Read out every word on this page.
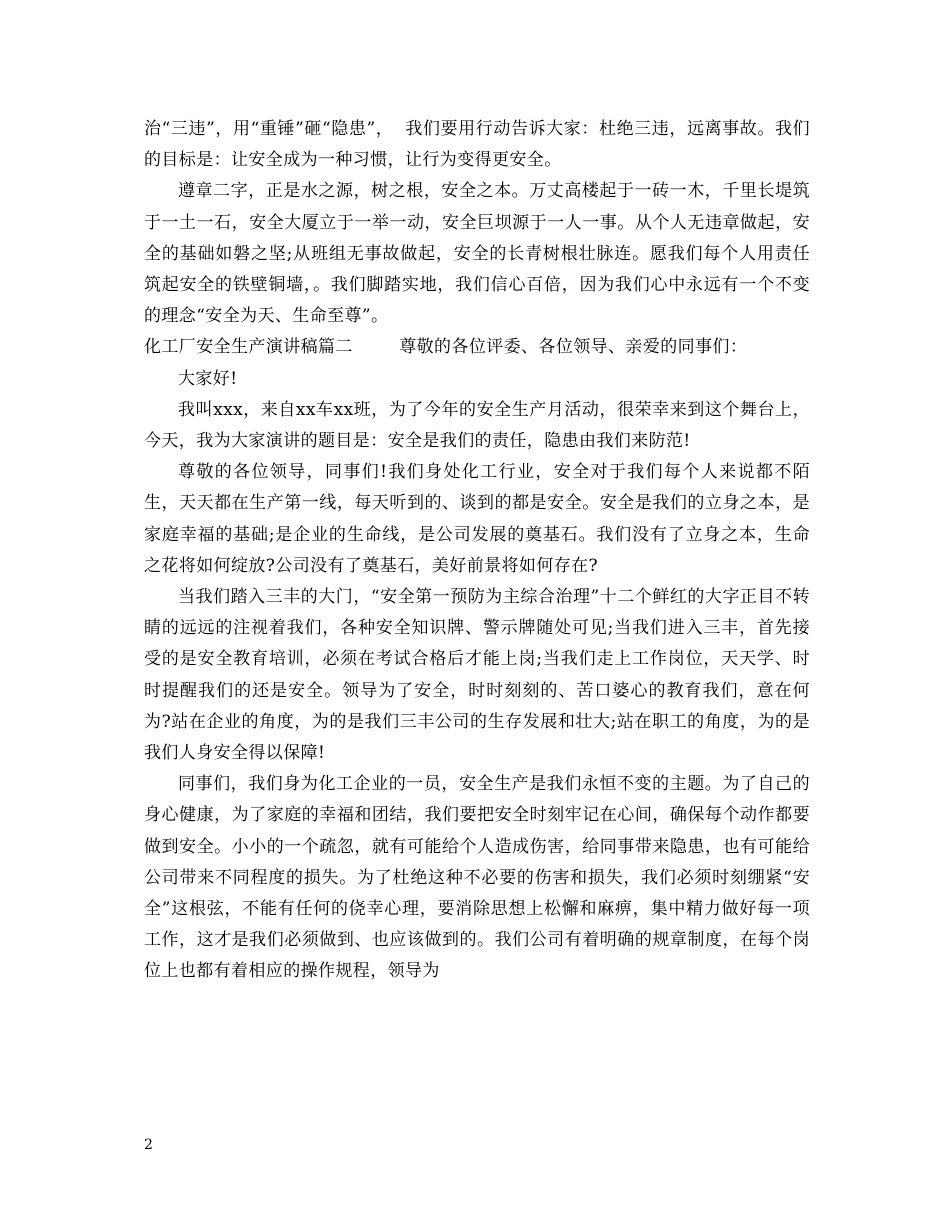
治“三违”，用“重锤”砸“隐患”，  我们要用行动告诉大家：杜绝三违，远离事故。我们的目标是：让安全成为一种习惯，让行为变得更安全。

遵章二字，正是水之源，树之根，安全之本。万丈高楼起于一砖一木，千里长堤筑于一土一石，安全大厦立于一举一动，安全巨坝源于一人一事。从个人无违章做起，安全的基础如磐之坚;从班组无事故做起，安全的长青树根壮脉连。愿我们每个人用责任筑起安全的铁壁铜墙，。我们脚踏实地，我们信心百倍，因为我们心中永远有一个不变的理念“安全为天、生命至尊”。

化工厂安全生产演讲稿篇二        尊敬的各位评委、各位领导、亲爱的同事们：

大家好!

我叫xxx，来自xx车xx班，为了今年的安全生产月活动，很荣幸来到这个舞台上，今天，我为大家演讲的题目是：安全是我们的责任，隐患由我们来防范!

尊敬的各位领导，同事们!我们身处化工行业，安全对于我们每个人来说都不陌生，天天都在生产第一线，每天听到的、谈到的都是安全。安全是我们的立身之本，是家庭幸福的基础;是企业的生命线，是公司发展的奠基石。我们没有了立身之本，生命之花将如何绽放?公司没有了奠基石，美好前景将如何存在?

当我们踏入三丰的大门，“安全第一预防为主综合治理”十二个鲜红的大字正目不转睛的远远的注视着我们，各种安全知识牌、警示牌随处可见;当我们进入三丰，首先接受的是安全教育培训，必须在考试合格后才能上岗;当我们走上工作岗位，天天学、时时提醒我们的还是安全。领导为了安全，时时刻刻的、苦口婆心的教育我们，意在何为?站在企业的角度，为的是我们三丰公司的生存发展和壮大;站在职工的角度，为的是我们人身安全得以保障!

同事们，我们身为化工企业的一员，安全生产是我们永恒不变的主题。为了自己的身心健康，为了家庭的幸福和团结，我们要把安全时刻牢记在心间，确保每个动作都要做到安全。小小的一个疏忽，就有可能给个人造成伤害，给同事带来隐患，也有可能给公司带来不同程度的损失。为了杜绝这种不必要的伤害和损失，我们必须时刻绷紧“安全”这根弦，不能有任何的侥幸心理，要消除思想上松懈和麻痹，集中精力做好每一项工作，这才是我们必须做到、也应该做到的。我们公司有着明确的规章制度，在每个岗位上也都有着相应的操作规程，领导为

2
